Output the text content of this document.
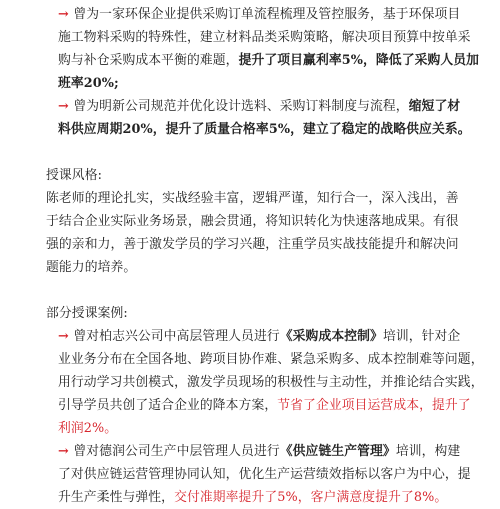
→ 曾为一家环保企业提供采购订单流程梳理及管控服务，基于环保项目
施工物料采购的特殊性，建立材料品类采购策略，解决项目预算中按单采
购与补仓采购成本平衡的难题，提升了项目赢利率5%，降低了采购人员加
班率20%;
→ 曾为明新公司规范并优化设计选料、采购订料制度与流程，缩短了材
料供应周期20%，提升了质量合格率5%，建立了稳定的战略供应关系。
授课风格:
陈老师的理论扎实，实战经验丰富，逻辑严谨，知行合一，深入浅出，善
于结合企业实际业务场景，融会贯通，将知识转化为快速落地成果。有很
强的亲和力，善于激发学员的学习兴趣，注重学员实战技能提升和解决问
题能力的培养。
部分授课案例:
→ 曾对柏志兴公司中高层管理人员进行《采购成本控制》培训，针对企
业业务分布在全国各地、跨项目协作难、紧急采购多、成本控制难等问题，
用行动学习共创模式，激发学员现场的积极性与主动性，并推论结合实践，
引导学员共创了适合企业的降本方案，节省了企业项目运营成本，提升了
利润2%。
→ 曾对德润公司生产中层管理人员进行《供应链生产管理》培训，构建
了对供应链运营管理协同认知，优化生产运营绩效指标以客户为中心，提
升生产柔性与弹性，交付准期率提升了5%，客户满意度提升了8%。
